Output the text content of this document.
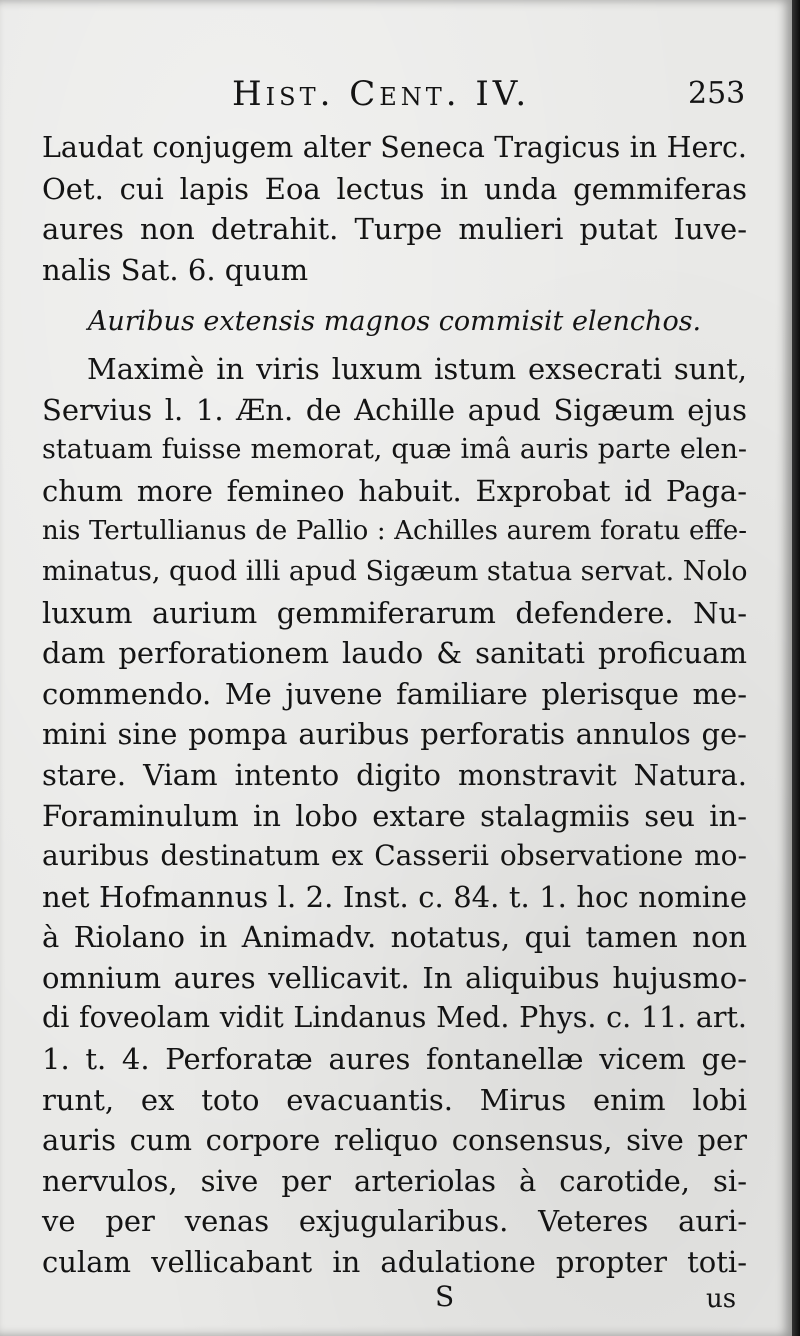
Hist. Cent. IV.	253
Laudat conjugem alter Seneca Tragicus in Herc.
Oet. cui lapis Eoa lectus in unda gemmiferas
aures non detrahit. Turpe mulieri putat Iuve-
nalis Sat. 6. quum
Auribus extensis magnos commisit elenchos.
Maximè in viris luxum istum exsecrati sunt,
Servius l. 1. Æn. de Achille apud Sigæum ejus
statuam fuisse memorat, quæ imâ auris parte elen-
chum more femineo habuit. Exprobat id Paga-
nis Tertullianus de Pallio : Achilles aurem foratu effe-
minatus, quod illi apud Sigæum statua servat. Nolo
luxum aurium gemmiferarum defendere. Nu-
dam perforationem laudo & sanitati proficuam
commendo. Me juvene familiare plerisque me-
mini sine pompa auribus perforatis annulos ge-
stare. Viam intento digito monstravit Natura.
Foraminulum in lobo extare stalagmiis seu in-
auribus destinatum ex Casserii observatione mo-
net Hofmannus l. 2. Inst. c. 84. t. 1. hoc nomine
à Riolano in Animadv. notatus, qui tamen non
omnium aures vellicavit. In aliquibus hujusmo-
di foveolam vidit Lindanus Med. Phys. c. 11. art.
1. t. 4. Perforatæ aures fontanellæ vicem ge-
runt, ex toto evacuantis. Mirus enim lobi
auris cum corpore reliquo consensus, sive per
nervulos, sive per arteriolas à carotide, si-
ve per venas exjugularibus. Veteres auri-
culam vellicabant in adulatione propter toti-
S	us
